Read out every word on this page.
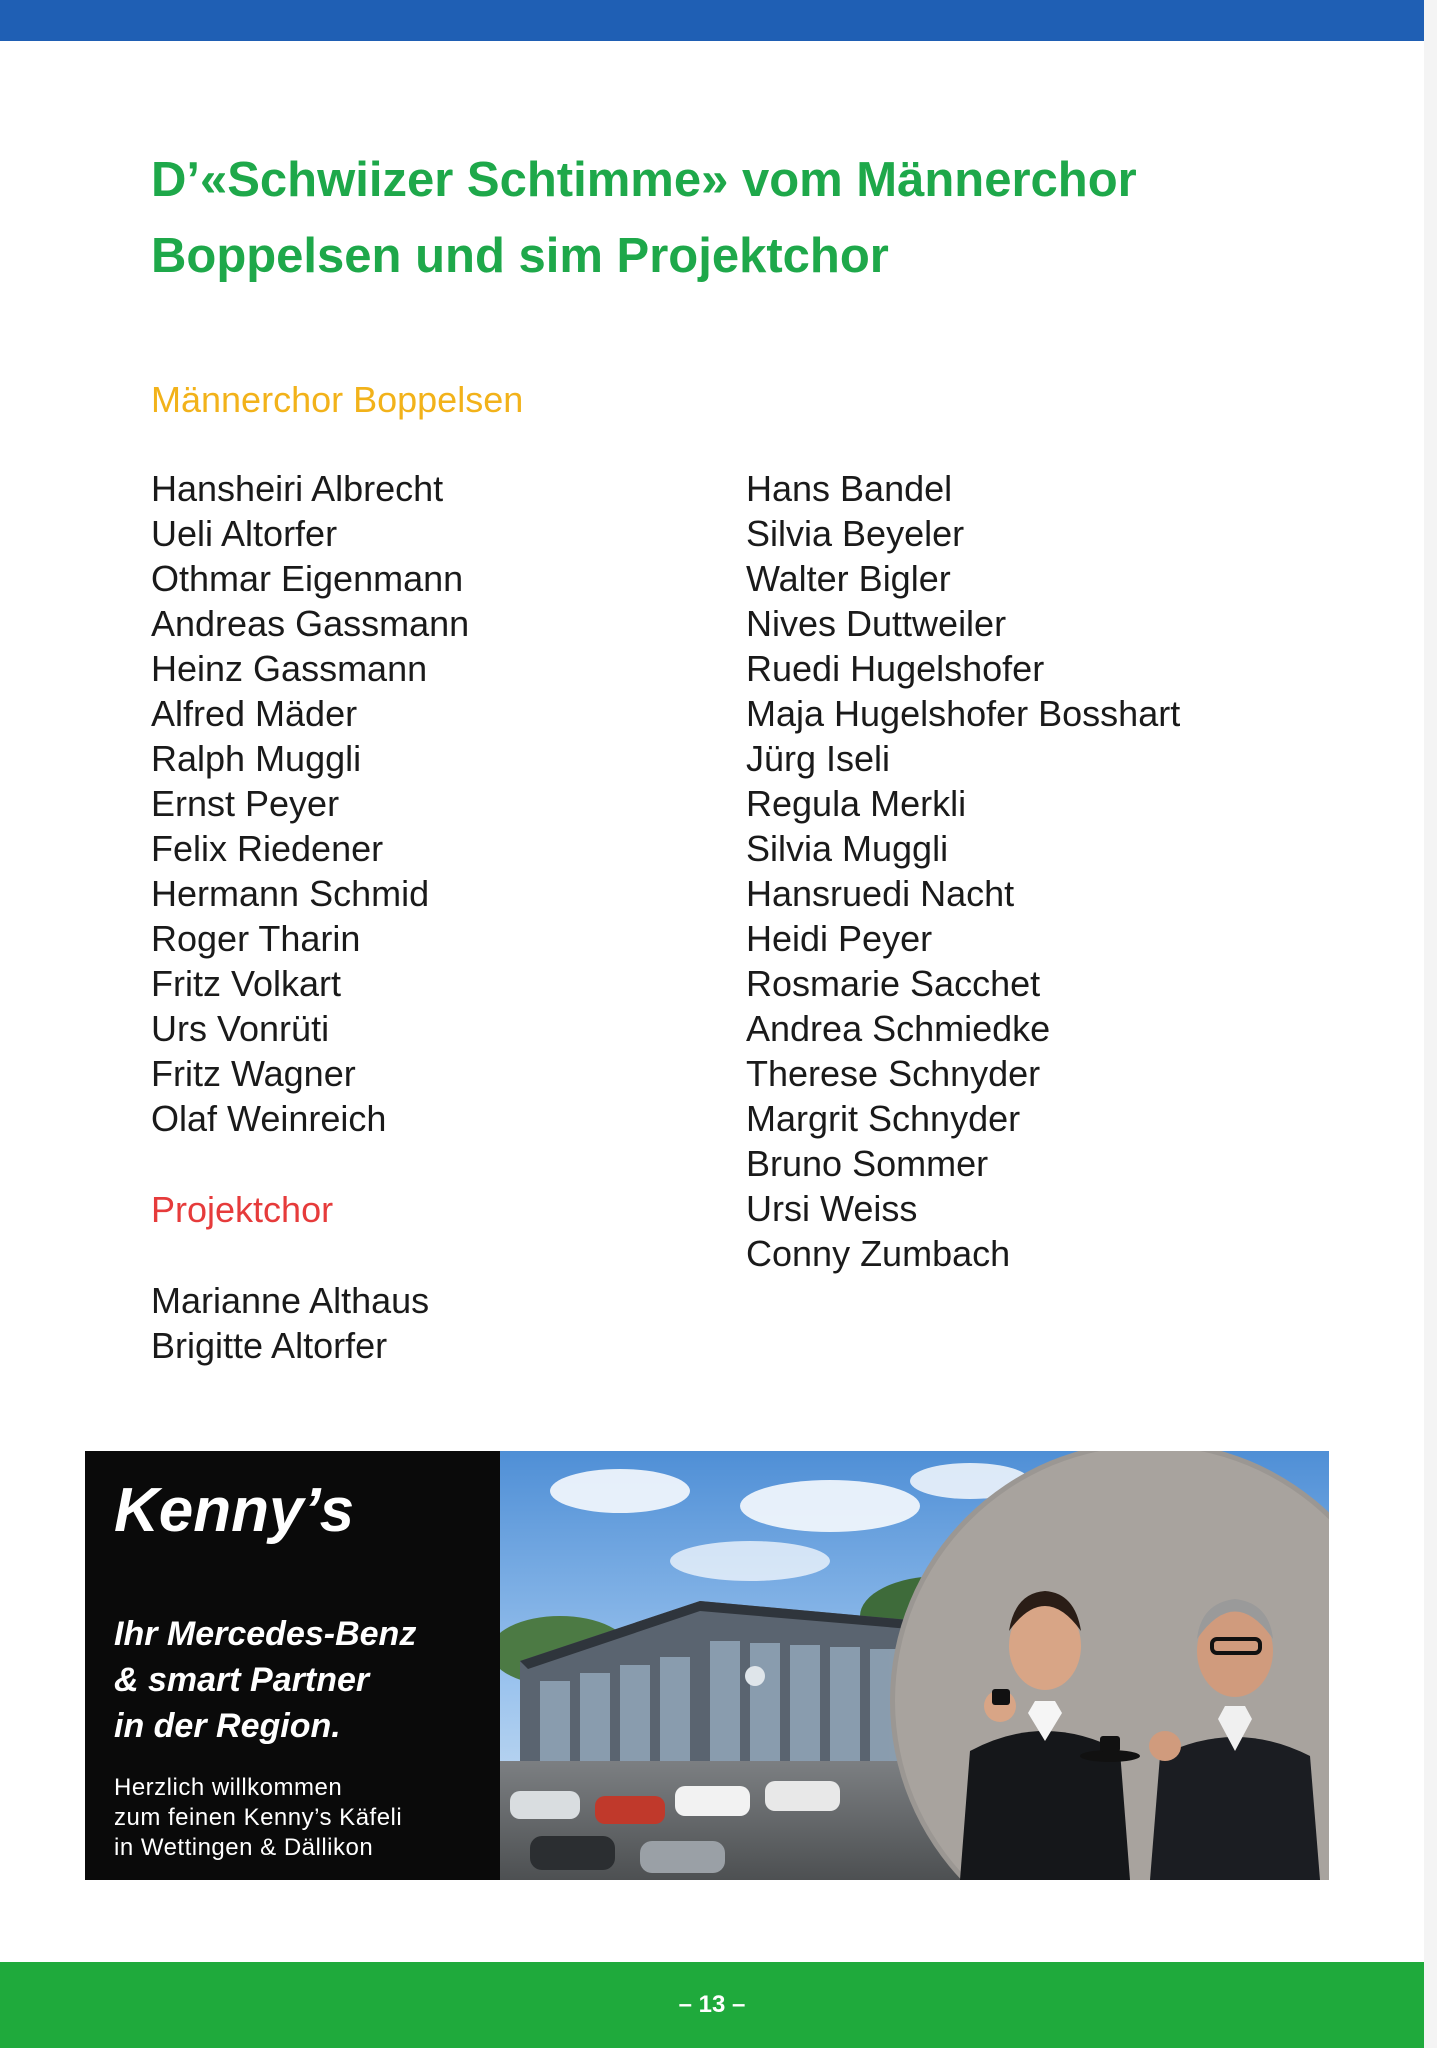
D’«Schwiizer Schtimme» vom Männerchor
Boppelsen und sim Projektchor
Männerchor Boppelsen
Hansheiri Albrecht
Ueli Altorfer
Othmar Eigenmann
Andreas Gassmann
Heinz Gassmann
Alfred Mäder
Ralph Muggli
Ernst Peyer
Felix Riedener
Hermann Schmid
Roger Tharin
Fritz Volkart
Urs Vonrüti
Fritz Wagner
Olaf Weinreich
Projektchor
Marianne Althaus
Brigitte Altorfer
Hans Bandel
Silvia Beyeler
Walter Bigler
Nives Duttweiler
Ruedi Hugelshofer
Maja Hugelshofer Bosshart
Jürg Iseli
Regula Merkli
Silvia Muggli
Hansruedi Nacht
Heidi Peyer
Rosmarie Sacchet
Andrea Schmiedke
Therese Schnyder
Margrit Schnyder
Bruno Sommer
Ursi Weiss
Conny Zumbach

Kenny’s

Ihr Mercedes-Benz
& smart Partner
in der Region.

Herzlich willkommen
zum feinen Kenny’s Käfeli
in Wettingen & Dällikon

– 13 –
